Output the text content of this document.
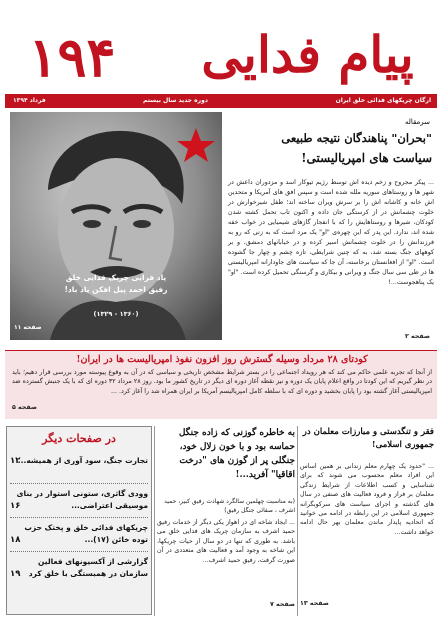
پیام فدایی
۱۹۴
ارگان چریکهای فدائی خلق ایران
دوره جدید سال بیستم
فرداد ۱۳۹۴
یاد فرایی چریک فدایی خلق
رفیق احمد پیل افکن یاد باد!
(۱۳۶۰ - ۱۳۲۹)
صفحه ۱۱
سرمقاله
"بحران" پناهندگان نتیجه طبیعی
سیاست های امپریالیستی!
... پیکر مجروح و زخم دیده اش توسط رژیم تیوکار اسد و مزدوران داعش در شهر ها و روستاهای سوریه ملله شده است و سپس افق های آمریکا و متحدین اش خانه و کاشانه اش را بر سرش ویران ساخته اند؛ طفل شیرخوارش در خلوت چشمانش در از کرستگی جان داده و اکنون تاب تحمل کشته شدن کودکان، شیرها و روستاهایش را که با انفجار گازهای شیمیایی در خواب خفه شده اند، ندارد. این پدر که این چهره‌ی "او" یک مرد است که به زنی که رو به فرزندانش را در خلوت چشمانش اسیر کرده و در خیابانهای دمشق، و بر کوههای جنگ بسته شد، به که چنین شرایطی، تازه چشم و چهار جا گشوده است. "او" از افغانستان برخاسته، آن جا که سیاست های جاودارانه امپریالیستی ها در طی سی سال جنگ و ویرانی و بیکاری و گرسنگی تحمیل کرده است. "او" یک پناهجوست...!
صفحه ۲
کودتای ۲۸ مرداد وسیله گسترش روز افزون نفوذ امپریالیست ها در ایران!
از آنجا که تجربه علمی حاکم می کند که هر رویداد اجتماعی را در بستر شرایط مشخص تاریخی و سیاسی که در آن به وقوع پیوسته مورد بررسی قرار دهیم؛ باید در نظر گیریم که این کودتا در واقع اعلام پایان یک دوره و نیز نقطه آغاز دوره ای دیگر در تاریخ کشور ما بود. روز ۲۸ مرداد ۳۲ دوره ای که با یک جنبش گسترده ضد امپریالیستی آغاز گشته بود را پایان بخشید و دوره ای که با سلطه کامل امپریالیسم آمریکا بر ایران همراه شد را آغاز کرد. ...
صفحه ۵
در صفحات دیگر
تجارت جنگ، سود آوری از همیشه...
۱۲
وودی گاثری، ستونی استوار در بنای موسیقی اعتراضی...
۱۶
چریکهای فدائی خلق و پختک حزب توده خائن (۱۷)...
۱۸
گزارشی از آکسیونهای فعالین سازمان در همبستگی با خلق کرد
۱۹
به خاطره گوزنی که زاده جنگل حماسه بود و با خون زلال خود، جنگلی پر از گوزن های "درخت اقاقیا" آفرید...!
(به مناسبت چهلمین سالگرد شهادت رفیق کبیر، حمید اشرف ، صفائی جنگل رفیق)
... ایجاد شاخه ای در اهواز یکی دیگر از خدمات رفیق حمید اشرف به سازمان چریک های فدایی خلق می باشد. به طوری که تنها در دو سال از حیات چریکها، این شاخه به وجود آمد و فعالیت های متعددی در آن صورت گرفت، رفیق حمید اشرف...
صفحه ۷
فقر و تنگدستی و مبارزات معلمان در جمهوری اسلامی!
... "حدود یک چهارم معلم زندانی بر همین اساس این افراد معلم محسوب می شوند که برای شناسایی و کسب اطلاعات از شرایط زندگی معلمان بر فراز و فرود فعالیت های صنفی در سال های گذشته و اجرای سیاست های سرکوبگرانه جمهوری اسلامی در این رابطه در ادامه می خوانید که اتحادیه پایدار ماندن معلمان بهر حال ادامه خواهد داشت...
صفحه ۱۳
